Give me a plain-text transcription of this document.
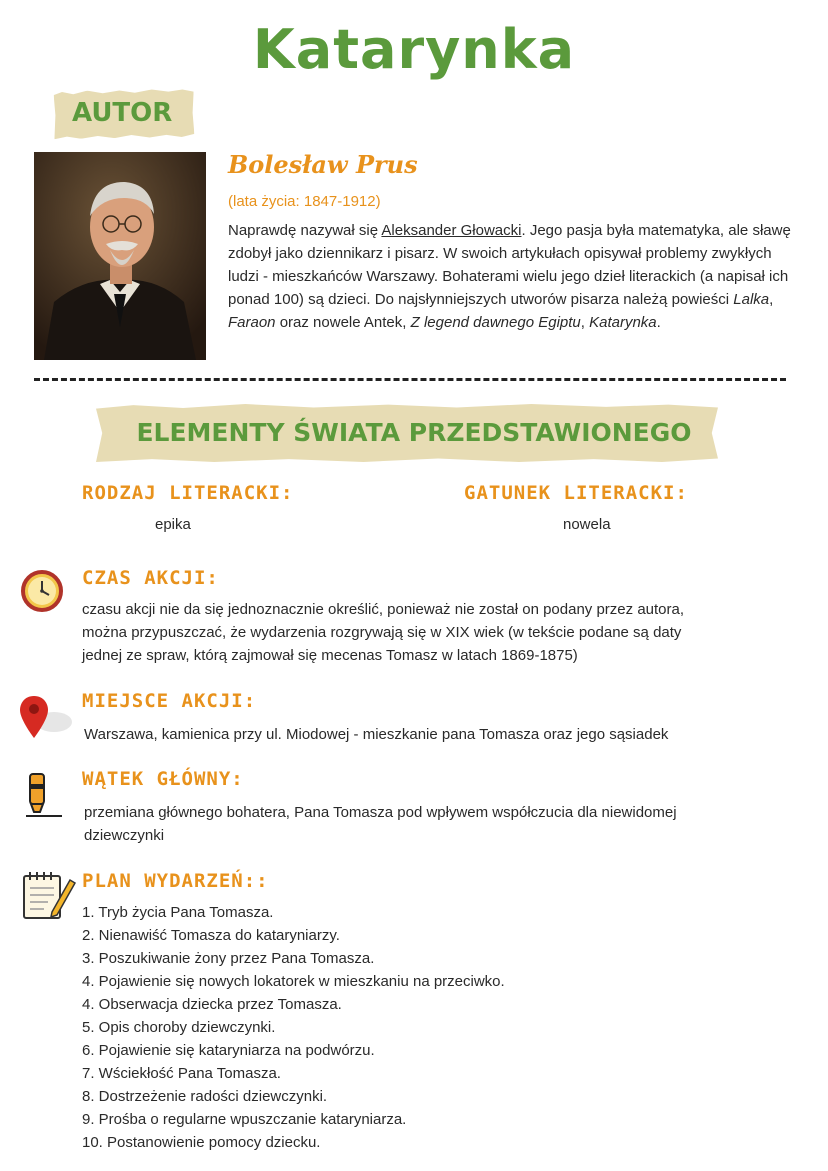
Katarynka
AUTOR
Bolesław Prus
(lata życia: 1847-1912)
Naprawdę nazywał się Aleksander Głowacki. Jego pasja była matematyka, ale sławę zdobył jako dziennikarz i pisarz. W swoich artykułach opisywał problemy zwykłych ludzi - mieszkańców Warszawy. Bohaterami wielu jego dzieł literackich (a napisał ich ponad 100) są dzieci. Do najsłynniejszych utworów pisarza należą powieści Lalka, Faraon oraz nowele Antek, Z legend dawnego Egiptu, Katarynka.
ELEMENTY ŚWIATA PRZEDSTAWIONEGO
RODZAJ LITERACKI:
epika
GATUNEK LITERACKI:
nowela
CZAS AKCJI:
czasu akcji nie da się jednoznacznie określić, ponieważ nie został on podany przez autora,
można przypuszczać, że wydarzenia rozgrywają się w XIX wiek (w tekście podane są daty
jednej ze spraw, którą zajmował się mecenas Tomasz w latach 1869-1875)
MIEJSCE AKCJI:
Warszawa, kamienica przy ul. Miodowej - mieszkanie pana Tomasza oraz jego sąsiadek
WĄTEK GŁÓWNY:
przemiana głównego bohatera, Pana Tomasza pod wpływem współczucia dla niewidomej
dziewczynki
PLAN WYDARZEŃ::
1. Tryb życia Pana Tomasza.
2. Nienawiść Tomasza do kataryniarzy.
3. Poszukiwanie żony przez Pana Tomasza.
4. Pojawienie się nowych lokatorek w mieszkaniu na przeciwko.
4. Obserwacja dziecka przez Tomasza.
5. Opis choroby dziewczynki.
6. Pojawienie się kataryniarza na podwórzu.
7. Wściekłość Pana Tomasza.
8. Dostrzeżenie radości dziewczynki.
9. Prośba o regularne wpuszczanie kataryniarza.
10. Postanowienie pomocy dziecku.
